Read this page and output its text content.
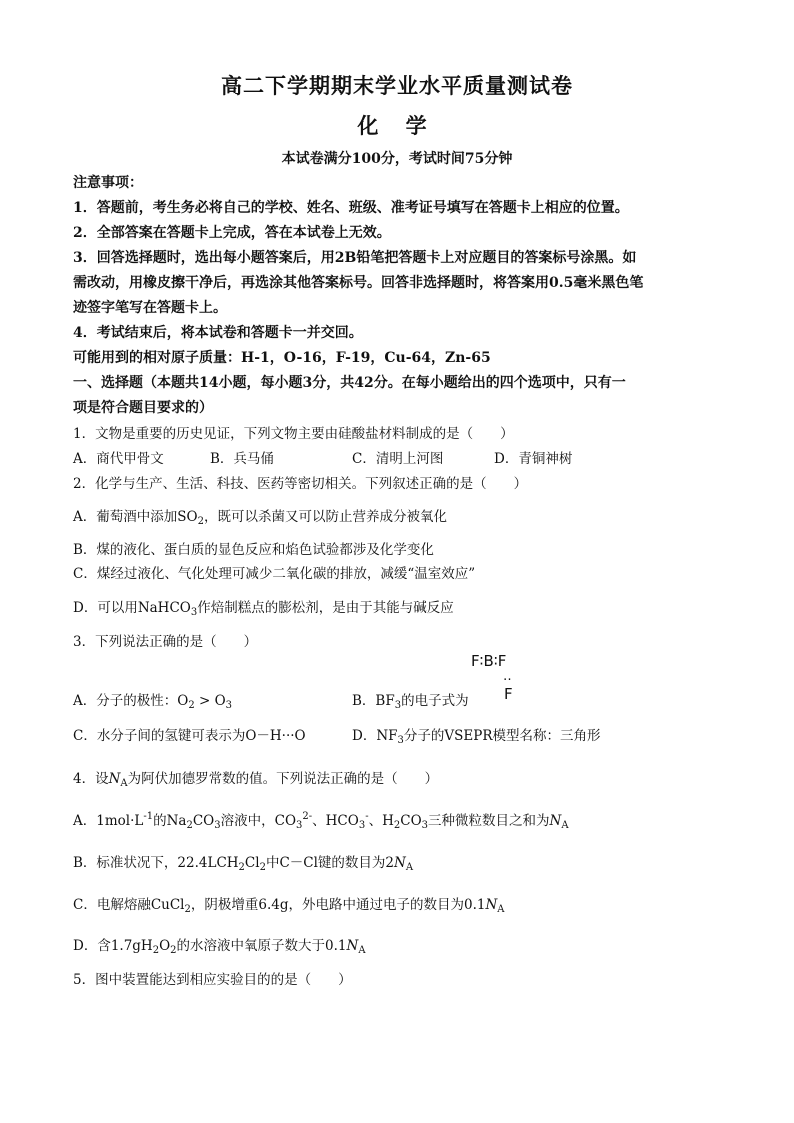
高二下学期期末学业水平质量测试卷
化 学
本试卷满分100分，考试时间75分钟
注意事项：
1．答题前，考生务必将自己的学校、姓名、班级、准考证号填写在答题卡上相应的位置。
2．全部答案在答题卡上完成，答在本试卷上无效。
3．回答选择题时，选出每小题答案后，用2B铅笔把答题卡上对应题目的答案标号涂黑。如
需改动，用橡皮擦干净后，再选涂其他答案标号。回答非选择题时，将答案用0.5毫米黑色笔
迹签字笔写在答题卡上。
4．考试结束后，将本试卷和答题卡一并交回。
可能用到的相对原子质量：H-1，O-16，F-19，Cu-64，Zn-65
一、选择题（本题共14小题，每小题3分，共42分。在每小题给出的四个选项中，只有一
项是符合题目要求的）
1．文物是重要的历史见证，下列文物主要由硅酸盐材料制成的是（　　）
A．商代甲骨文	B．兵马俑	C．清明上河图	D．青铜神树
2．化学与生产、生活、科技、医药等密切相关。下列叙述正确的是（　　）
A．葡萄酒中添加$SO_2$，既可以杀菌又可以防止营养成分被氧化
B．煤的液化、蛋白质的显色反应和焰色试验都涉及化学变化
C．煤经过液化、气化处理可减少二氧化碳的排放，减缓“温室效应”
D．可以用NaHCO$_3$作焙制糕点的膨松剂，是由于其能与碱反应
3．下列说法正确的是（　　）
F∶B∶F
‥
F
A．分子的极性：$O_2 > O_3$	B．$BF_3$的电子式为
C．水分子间的氢键可表示为O－H···O	D．$NF_3$分子的VSEPR模型名称：三角形
4．设$N_A$为阿伏加德罗常数的值。下列说法正确的是（　　）
A．$1mol\cdot L^{-1}$的$Na_2CO_3$溶液中，$CO_3^{2-}$、$HCO_3^-$、$H_2CO_3$三种微粒数目之和为$N_A$
B．标准状况下，$22.4LCH_2Cl_2$中C－Cl键的数目为$2N_A$
C．电解熔融CuCl$_2$，阴极增重6.4g，外电路中通过电子的数目为$0.1N_A$
D．含$1.7gH_2O_2$的水溶液中氧原子数大于$0.1N_A$
5．图中装置能达到相应实验目的的是（　　）
